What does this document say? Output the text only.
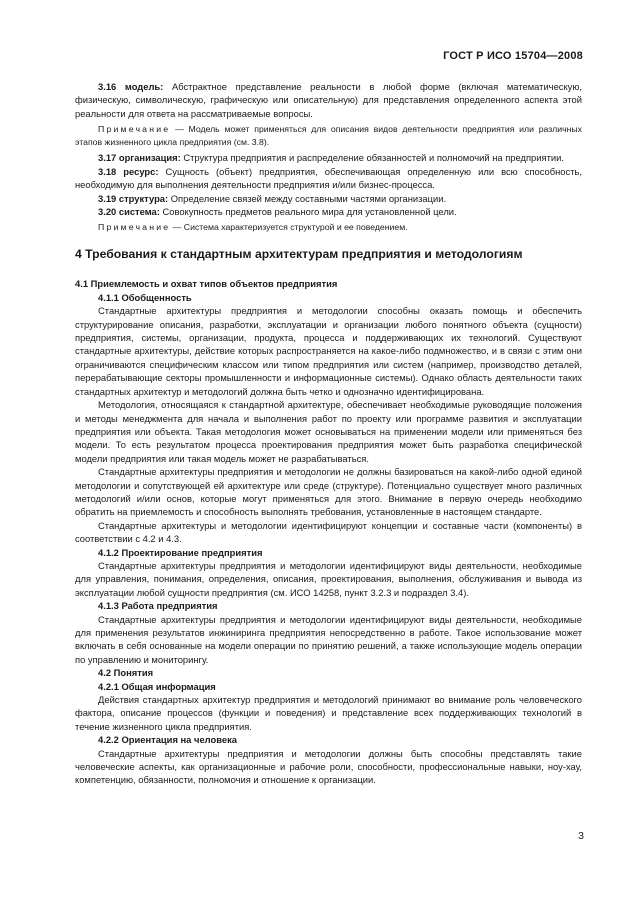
ГОСТ Р ИСО 15704—2008

3.16 модель: Абстрактное представление реальности в любой форме (включая математическую, физическую, символическую, графическую или описательную) для представления определенного аспекта этой реальности для ответа на рассматриваемые вопросы.

Примечание — Модель может применяться для описания видов деятельности предприятия или различных этапов жизненного цикла предприятия (см. 3.8).

3.17 организация: Структура предприятия и распределение обязанностей и полномочий на предприятии.

3.18 ресурс: Сущность (объект) предприятия, обеспечивающая определенную или всю способность, необходимую для выполнения деятельности предприятия и/или бизнес-процесса.

3.19 структура: Определение связей между составными частями организации.

3.20 система: Совокупность предметов реального мира для установленной цели.

Примечание — Система характеризуется структурой и ее поведением.

4 Требования к стандартным архитектурам предприятия и методологиям

4.1 Приемлемость и охват типов объектов предприятия

4.1.1 Обобщенность

Стандартные архитектуры предприятия и методологии способны оказать помощь и обеспечить структурирование описания, разработки, эксплуатации и организации любого понятного объекта (сущности) предприятия, системы, организации, продукта, процесса и поддерживающих их технологий. Существуют стандартные архитектуры, действие которых распространяется на какое-либо подмножество, и в связи с этим они ограничиваются специфическим классом или типом предприятия или систем (например, производство деталей, перерабатывающие секторы промышленности и информационные системы). Однако область деятельности таких стандартных архитектур и методологий должна быть четко и однозначно идентифицирована.

Методология, относящаяся к стандартной архитектуре, обеспечивает необходимые руководящие положения и методы менеджмента для начала и выполнения работ по проекту или программе развития и эксплуатации предприятия или объекта. Такая методология может основываться на применении модели или применяться без модели. То есть результатом процесса проектирования предприятия может быть разработка специфической модели предприятия или такая модель может не разрабатываться.

Стандартные архитектуры предприятия и методологии не должны базироваться на какой-либо одной единой методологии и сопутствующей ей архитектуре или среде (структуре). Потенциально существует много различных методологий и/или основ, которые могут применяться для этого. Внимание в первую очередь необходимо обратить на приемлемость и способность выполнять требования, установленные в настоящем стандарте.

Стандартные архитектуры и методологии идентифицируют концепции и составные части (компоненты) в соответствии с 4.2 и 4.3.

4.1.2 Проектирование предприятия

Стандартные архитектуры предприятия и методологии идентифицируют виды деятельности, необходимые для управления, понимания, определения, описания, проектирования, выполнения, обслуживания и вывода из эксплуатации любой сущности предприятия (см. ИСО 14258, пункт 3.2.3 и подраздел 3.4).

4.1.3 Работа предприятия

Стандартные архитектуры предприятия и методологии идентифицируют виды деятельности, необходимые для применения результатов инжиниринга предприятия непосредственно в работе. Такое использование может включать в себя основанные на модели операции по принятию решений, а также использующие модель операции по управлению и мониторингу.

4.2 Понятия

4.2.1 Общая информация

Действия стандартных архитектур предприятия и методологий принимают во внимание роль человеческого фактора, описание процессов (функции и поведения) и представление всех поддерживающих технологий в течение жизненного цикла предприятия.

4.2.2 Ориентация на человека

Стандартные архитектуры предприятия и методологии должны быть способны представлять такие человеческие аспекты, как организационные и рабочие роли, способности, профессиональные навыки, ноу-хау, компетенцию, обязанности, полномочия и отношение к организации.

3
